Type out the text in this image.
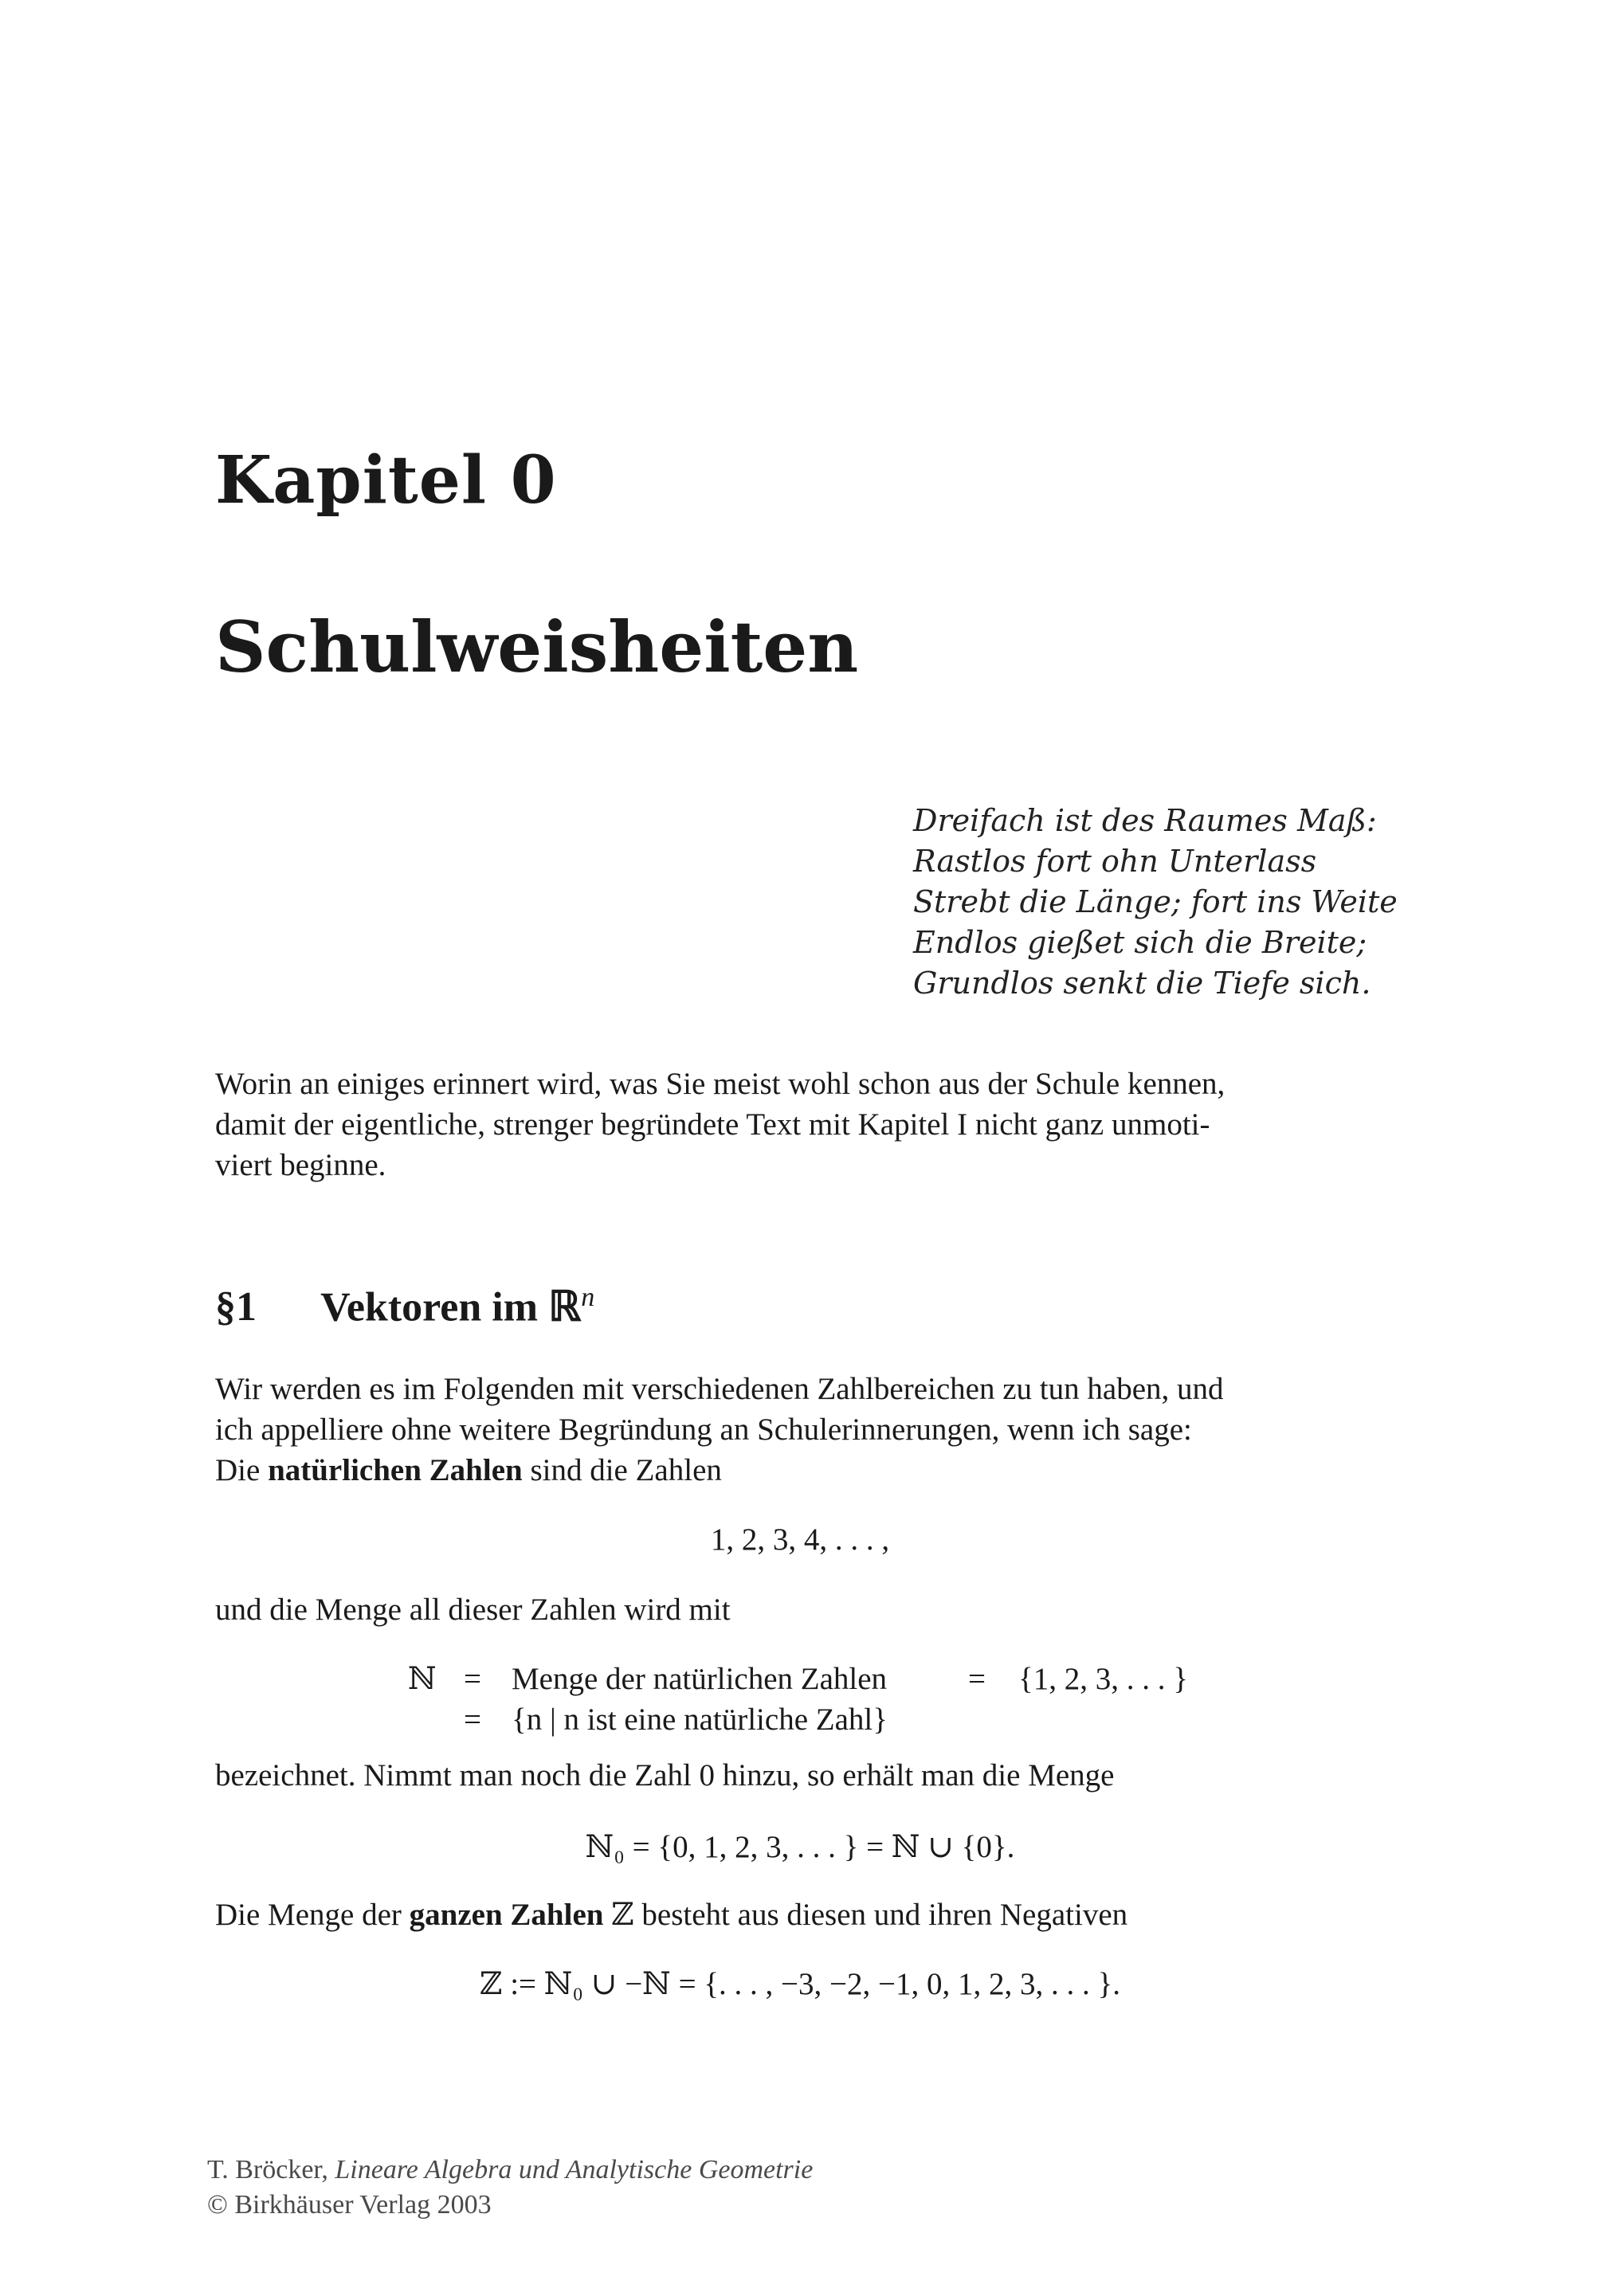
Kapitel 0
Schulweisheiten
Dreifach ist des Raumes Maß:
Rastlos fort ohn Unterlass
Strebt die Länge; fort ins Weite
Endlos gießet sich die Breite;
Grundlos senkt die Tiefe sich.
Worin an einiges erinnert wird, was Sie meist wohl schon aus der Schule kennen,
damit der eigentliche, strenger begründete Text mit Kapitel I nicht ganz unmoti-
viert beginne.
§1 Vektoren im ℝ$^n$
Wir werden es im Folgenden mit verschiedenen Zahlbereichen zu tun haben, und
ich appelliere ohne weitere Begründung an Schulerinnerungen, wenn ich sage:
Die natürlichen Zahlen sind die Zahlen
1, 2, 3, 4, . . . ,
und die Menge all dieser Zahlen wird mit
ℕ = Menge der natürlichen Zahlen	= {1, 2, 3, . . . }
= {n | n ist eine natürliche Zahl}
bezeichnet. Nimmt man noch die Zahl 0 hinzu, so erhält man die Menge
ℕ₀ = {0, 1, 2, 3, . . . } = ℕ ∪ {0}.
Die Menge der ganzen Zahlen ℤ besteht aus diesen und ihren Negativen
ℤ := ℕ₀ ∪ −ℕ = {. . . , −3, −2, −1, 0, 1, 2, 3, . . . }.
T. Bröcker, Lineare Algebra und Analytische Geometrie
© Birkhäuser Verlag 2003
